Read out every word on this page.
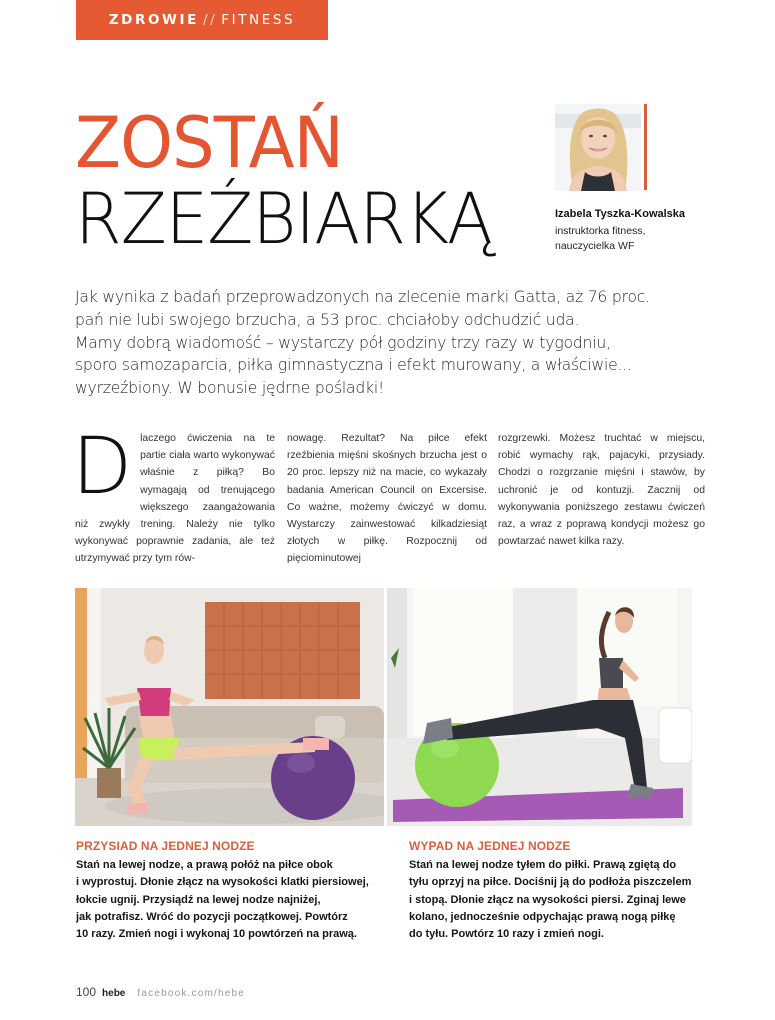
ZDROWIE // FITNESS
ZOSTAŃ
RZEŹBIARKĄ	Izabela Tyszka-Kowalska
instruktorka fitness,
nauczycielka WF

Jak wynika z badań przeprowadzonych na zlecenie marki Gatta, aż 76 proc.

pań nie lubi swojego brzucha, a 53 proc. chciałoby odchudzić uda.

Mamy dobrą wiadomość – wystarczy pół godziny trzy razy w tygodniu,

sporo samozaparcia, piłka gimnastyczna i efekt murowany, a właściwie...

wyrzeźbiony. W bonusie jędrne pośladki!

D laczego ćwiczenia na te partie ciała warto wykonywać właśnie z piłką? Bo wymagają od trenującego większego zaangażowania niż zwykły trening. Należy nie tylko wykonywać poprawnie zadania, ale też utrzymywać przy tym rów-

nowagę. Rezultat? Na piłce efekt rzeźbienia mięśni skośnych brzucha jest o 20 proc. lepszy niż na macie, co wykazały badania American Council on Excersise. Co ważne, możemy ćwiczyć w domu. Wystarczy zainwestować kilkadziesiąt złotych w piłkę. Rozpocznij od pięciominutowej

rozgrzewki. Możesz truchtać w miejscu, robić wymachy rąk, pajacyki, przysiady. Chodzi o rozgrzanie mięśni i stawów, by uchronić je od kontuzji. Zacznij od wykonywania poniższego zestawu ćwiczeń raz, a wraz z poprawą kondycji możesz go powtarzać nawet kilka razy.

PRZYSIAD NA JEDNEJ NODZE

Stań na lewej nodze, a prawą połóż na piłce obok

i wyprostuj. Dłonie złącz na wysokości klatki piersiowej,

łokcie ugnij. Przysiądź na lewej nodze najniżej,

jak potrafisz. Wróć do pozycji początkowej. Powtórz

10 razy. Zmień nogi i wykonaj 10 powtórzeń na prawą.

WYPAD NA JEDNEJ NODZE

Stań na lewej nodze tyłem do piłki. Prawą zgiętą do

tyłu oprzyj na piłce. Dociśnij ją do podłoża piszczelem

i stopą. Dłonie złącz na wysokości piersi. Zginaj lewe

kolano, jednocześnie odpychając prawą nogą piłkę

do tyłu. Powtórz 10 razy i zmień nogi.

100 hebe facebook.com/hebe
